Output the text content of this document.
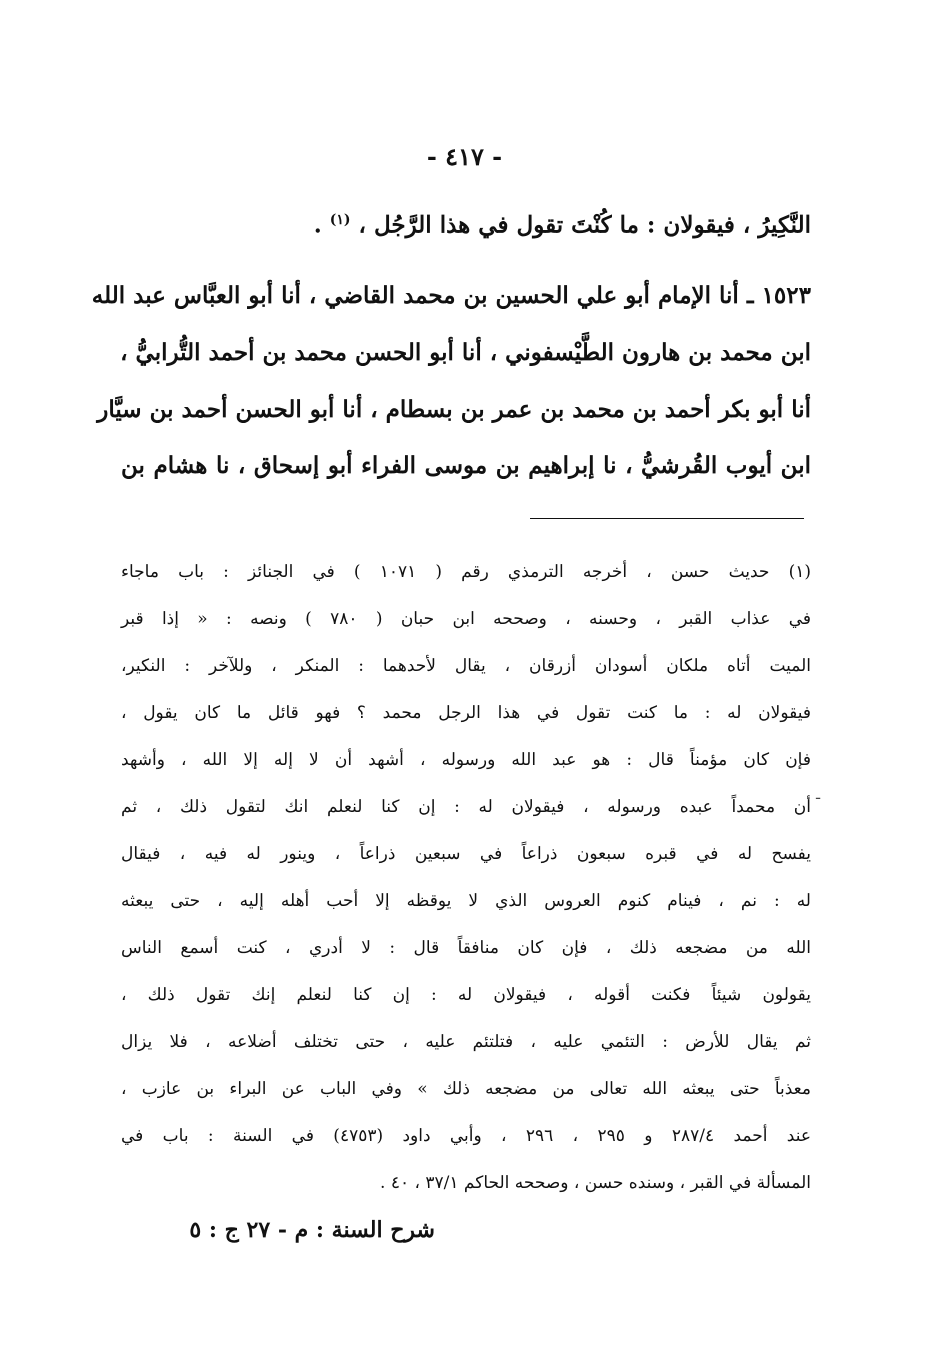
- ٤١٧ -
النَّكِيرُ ، فيقولان : ما كُنْتَ تقول في هذا الرَّجُل ، $^{(١)}$ .
١٥٢٣ ـ أنا الإمام أبو علي الحسين بن محمد القاضي ، أنا أبو العبَّاس عبد الله
ابن محمد بن هارون الطَّيْسفوني ، أنا أبو الحسن محمد بن أحمد التُّرابيُّ ،
أنا أبو بكر أحمد بن محمد بن عمر بن بسطام ، أنا أبو الحسن أحمد بن سيَّار
ابن أيوب القُرشيُّ ، نا إبراهيم بن موسى الفراء أبو إسحاق ، نا هشام بن
(١) حديث حسن ، أخرجه الترمذي رقم ( ١٠٧١ ) في الجنائز : باب ماجاء
في عذاب القبر ، وحسنه ، وصححه ابن حبان ( ٧٨٠ ) ونصه : « إذا قبر
الميت أتاه ملكان أسودان أزرقان ، يقال لأحدهما : المنكر ، وللآخر : النكير،
فيقولان له : ما كنت تقول في هذا الرجل محمد ؟ فهو قائل ما كان يقول ،
فإن كان مؤمناً قال : هو عبد الله ورسوله ، أشهد أن لا إله إلا الله ، وأشهد
أن محمداً عبده ورسوله ، فيقولان له : إن كنا لنعلم انك لتقول ذلك ، ثم
يفسح له في قبره سبعون ذراعاً في سبعين ذراعاً ، وينور له فيه ، فيقال
له : نم ، فينام كنوم العروس الذي لا يوقظه إلا أحب أهله إليه ، حتى يبعثه
الله من مضجعه ذلك ، فإن كان منافقاً قال : لا أدري ، كنت أسمع الناس
يقولون شيئاً فكنت أقوله ، فيقولان له : إن كنا لنعلم إنك تقول ذلك ،
ثم يقال للأرض : التئمي عليه ، فتلتئم عليه ، حتى تختلف أضلاعه ، فلا يزال
معذباً حتى يبعثه الله تعالى من مضجعه ذلك » وفي الباب عن البراء بن عازب ،
عند أحمد ٢٨٧/٤ و ٢٩٥ ، ٢٩٦ ، وأبي داود (٤٧٥٣) في السنة : باب في
المسألة في القبر ، وسنده حسن ، وصححه الحاكم ٣٧/١ ، ٤٠ .
ـ
شرح السنة : م - ٢٧ ج : ٥
